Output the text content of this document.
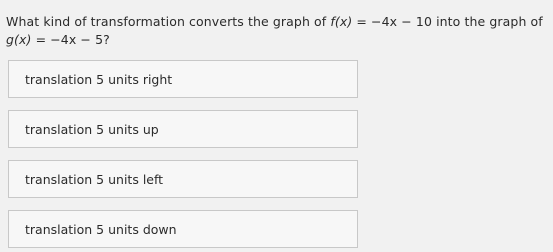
What kind of transformation converts the graph of f(x) = −4x − 10 into the graph of g(x) = −4x − 5?
translation 5 units right
translation 5 units up
translation 5 units left
translation 5 units down
